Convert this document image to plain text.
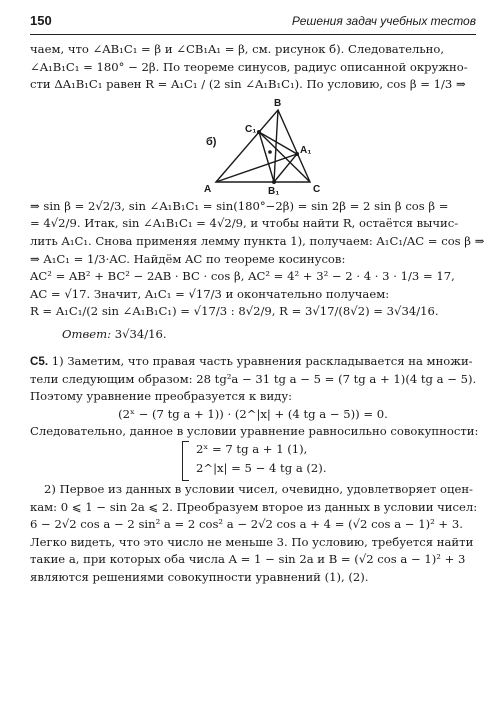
150	Решения задач учебных тестов
чаем, что ∠AB₁C₁ = β и ∠CB₁A₁ = β, см. рисунок б). Следовательно,
∠A₁B₁C₁ = 180° − 2β. По теореме синусов, радиус описанной окружно-
сти ΔA₁B₁C₁ равен R = A₁C₁ / (2 sin ∠A₁B₁C₁). По условию, cos β = 1/3 ⇒
б)
A
B
C
A₁
B₁
C₁
⇒ sin β = 2√2/3, sin ∠A₁B₁C₁ = sin(180°−2β) = sin 2β = 2 sin β cos β =
= 4√2/9. Итак, sin ∠A₁B₁C₁ = 4√2/9, и чтобы найти R, остаётся вычис-
лить A₁C₁. Снова применяя лемму пункта 1), получаем: A₁C₁/AC = cos β ⇒
⇒ A₁C₁ = 1/3·AC. Найдём AC по теореме косинусов:
AC² = AB² + BC² − 2AB · BC · cos β, AC² = 4² + 3² − 2 · 4 · 3 · 1/3 = 17,
AC = √17. Значит, A₁C₁ = √17/3 и окончательно получаем:
R = A₁C₁/(2 sin ∠A₁B₁C₁) = √17/3 : 8√2/9, R = 3√17/(8√2) = 3√34/16.
Ответ: 3√34/16.
C5. 1) Заметим, что правая часть уравнения раскладывается на множи-
тели следующим образом: 28 tg²a − 31 tg a − 5 = (7 tg a + 1)(4 tg a − 5).
Поэтому уравнение преобразуется к виду:
(2ˣ − (7 tg a + 1)) · (2^|x| + (4 tg a − 5)) = 0.
Следовательно, данное в условии уравнение равносильно совокупности:
2ˣ = 7 tg a + 1 (1),
2^|x| = 5 − 4 tg a (2).
2) Первое из данных в условии чисел, очевидно, удовлетворяет оцен-
кам: 0 ⩽ 1 − sin 2a ⩽ 2. Преобразуем второе из данных в условии чисел:
6 − 2√2 cos a − 2 sin² a = 2 cos² a − 2√2 cos a + 4 = (√2 cos a − 1)² + 3.
Легко видеть, что это число не меньше 3. По условию, требуется найти
такие a, при которых оба числа A = 1 − sin 2a и B = (√2 cos a − 1)² + 3
являются решениями совокупности уравнений (1), (2).
